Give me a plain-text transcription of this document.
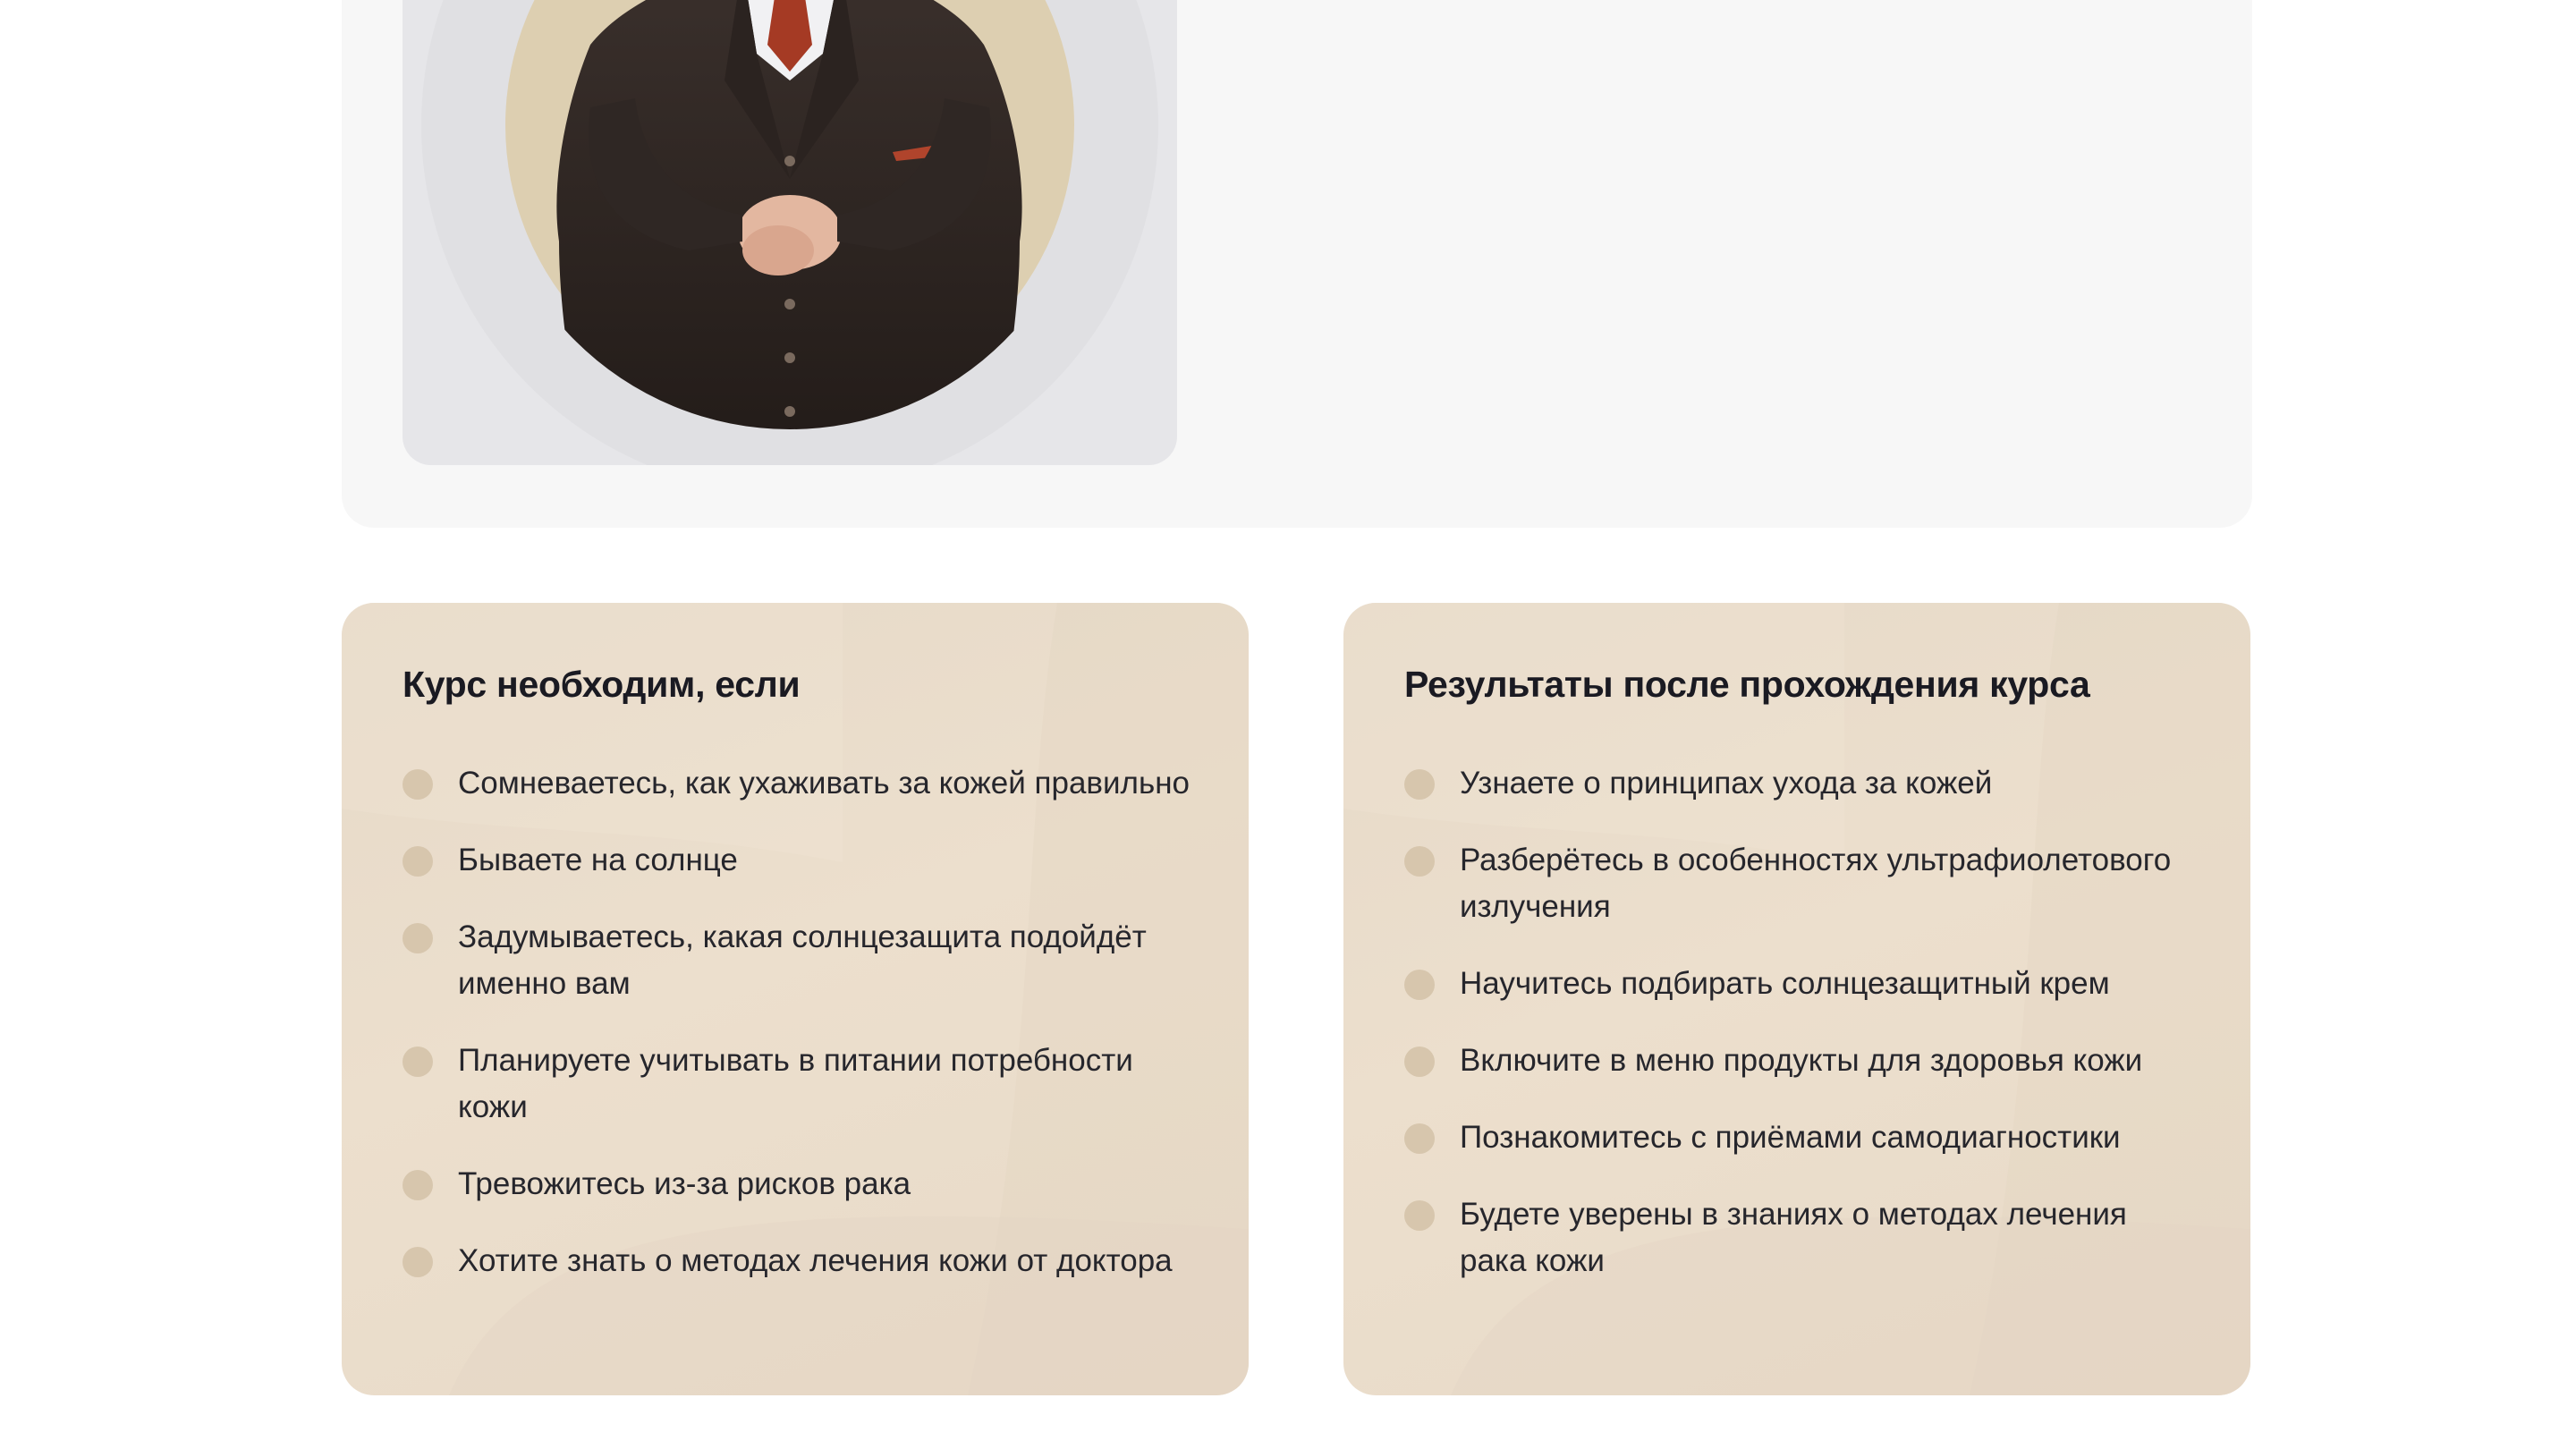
Курс необходим, если
Сомневаетесь, как ухаживать за кожей правильно
Бываете на солнце
Задумываетесь, какая солнцезащита подойдёт именно вам
Планируете учитывать в питании потребности кожи
Тревожитесь из-за рисков рака
Хотите знать о методах лечения кожи от доктора
Результаты после прохождения курса
Узнаете о принципах ухода за кожей
Разберётесь в особенностях ультрафиолетового излучения
Научитесь подбирать солнцезащитный крем
Включите в меню продукты для здоровья кожи
Познакомитесь с приёмами самодиагностики
Будете уверены в знаниях о методах лечения рака кожи
